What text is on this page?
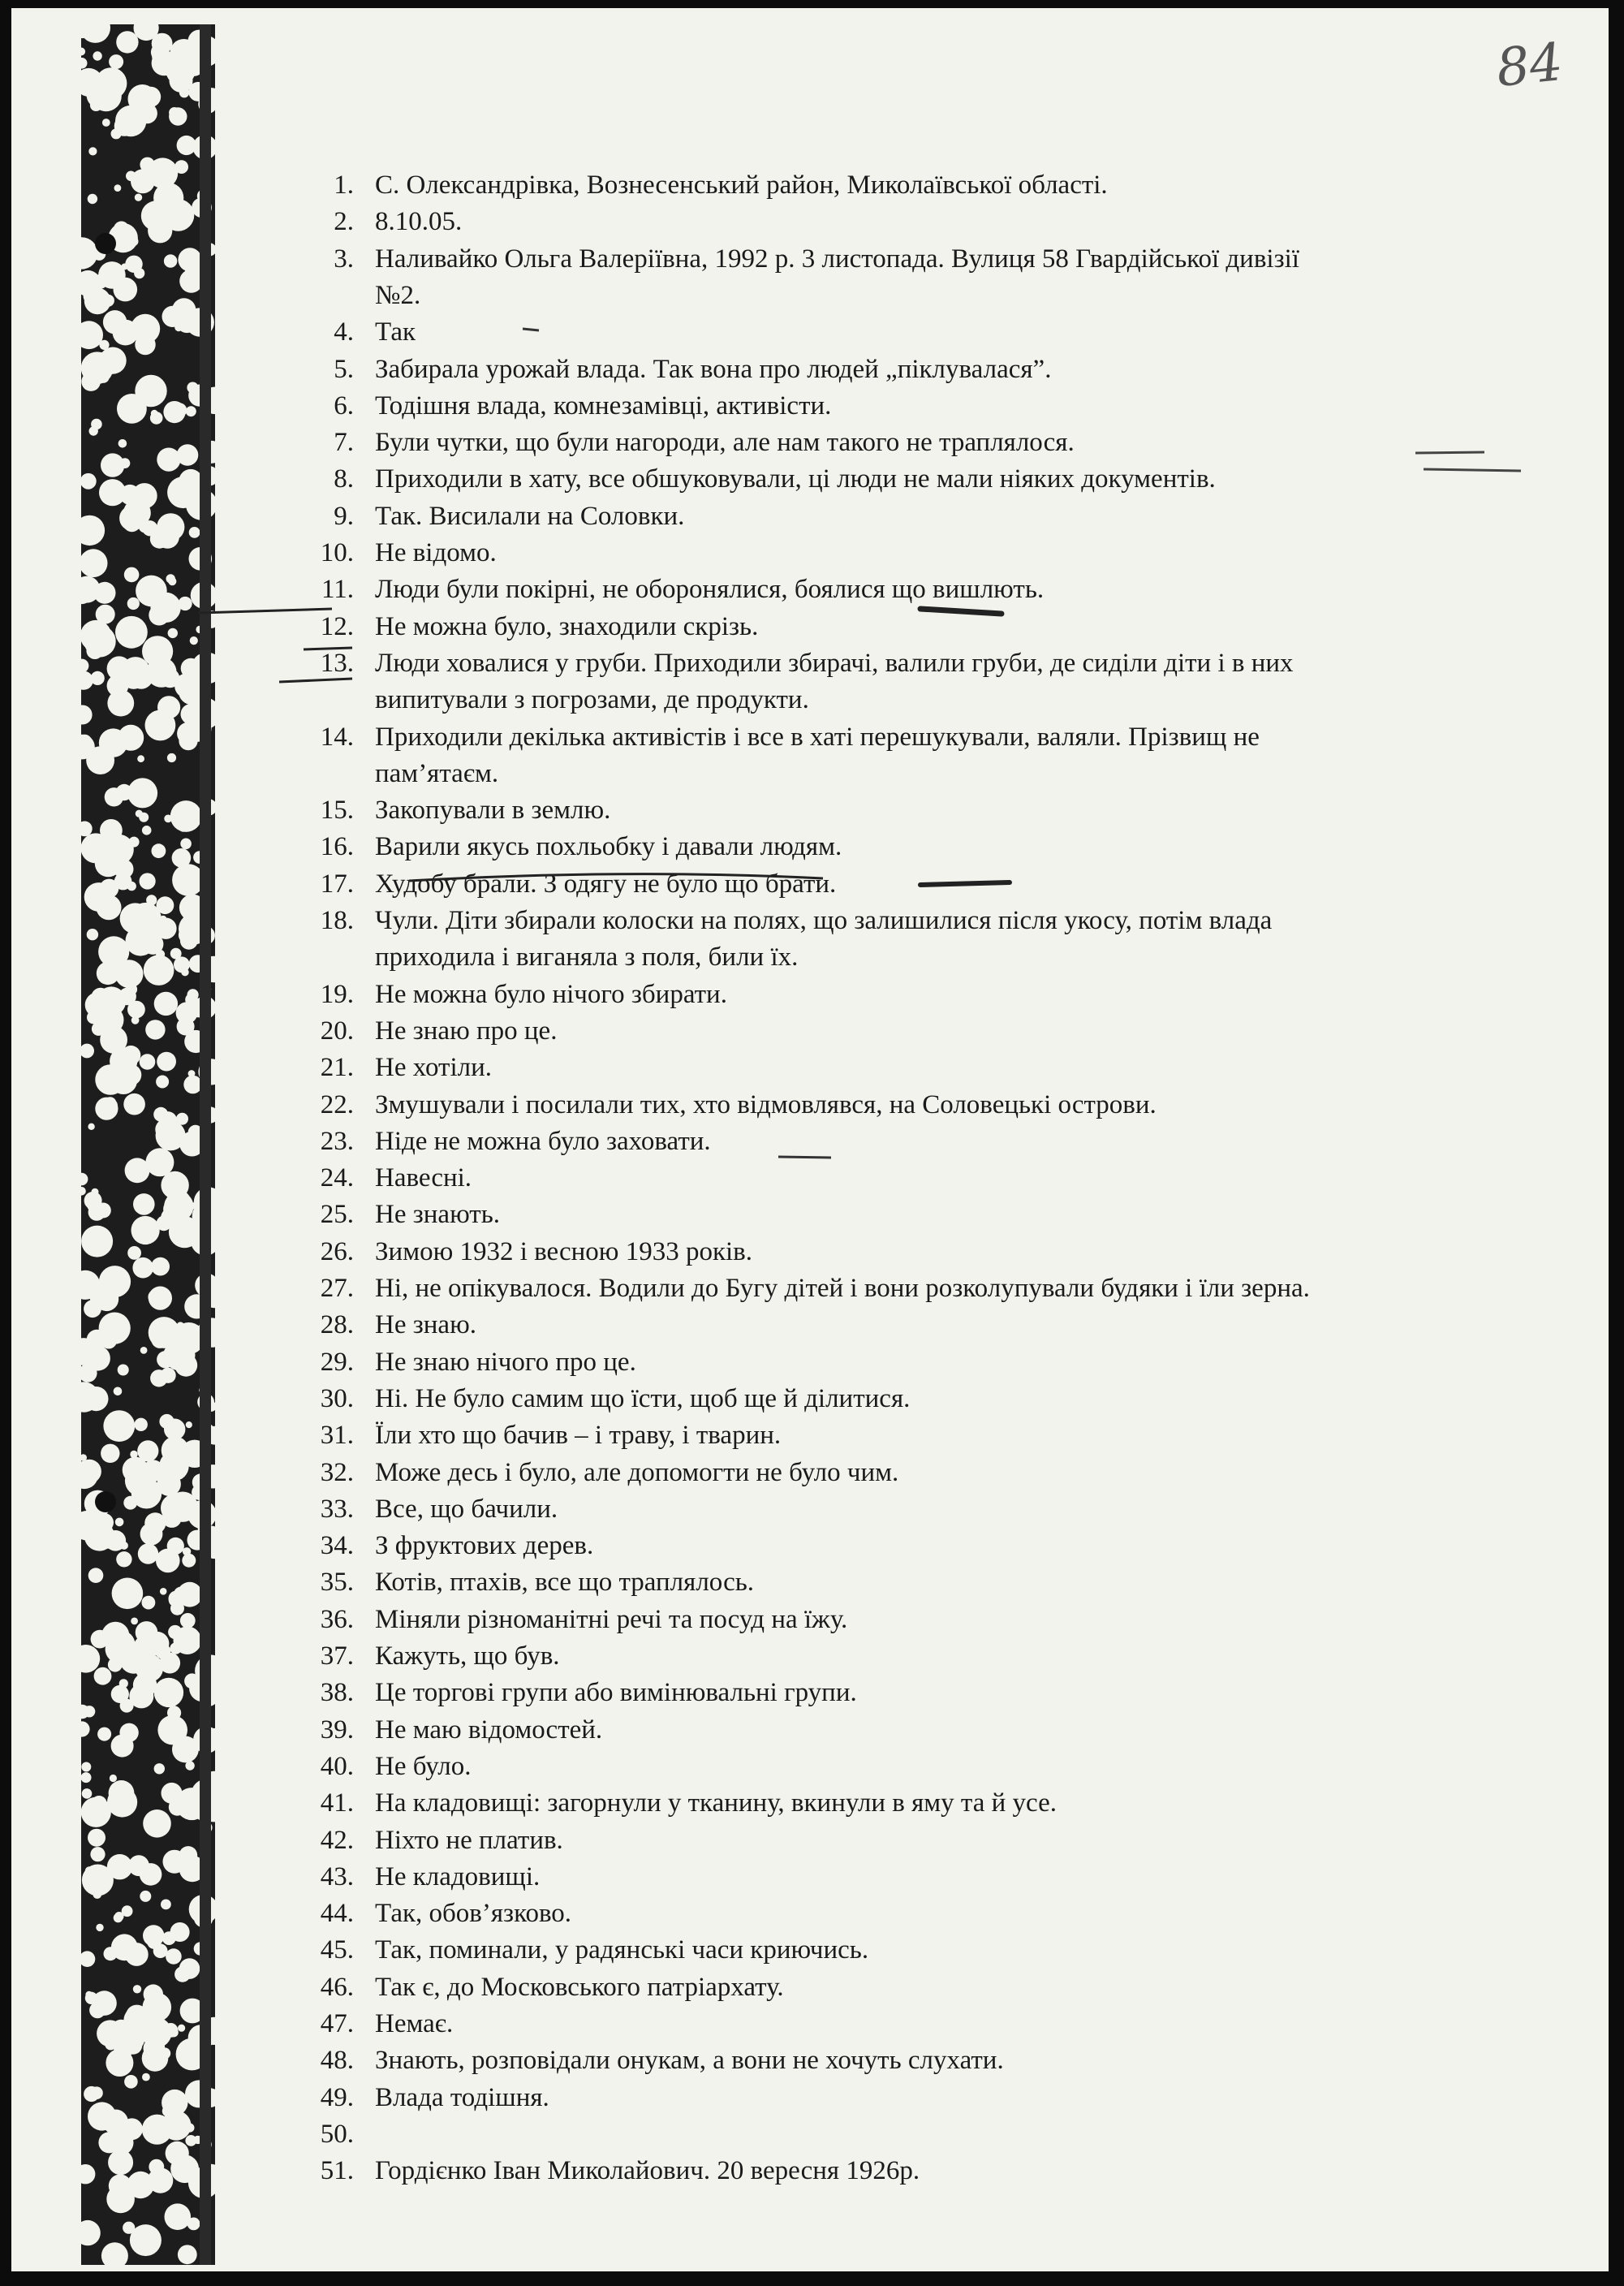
84
1. С. Олександрівка, Вознесенський район, Миколаївської області.
2. 8.10.05.
3. Наливайко Ольга Валеріївна, 1992 р. 3 листопада. Вулиця 58 Гвардійської дивізії
№2.
4. Так
5. Забирала урожай влада. Так вона про людей „піклувалася”.
6. Тодішня влада, комнезамівці, активісти.
7. Були чутки, що були нагороди, але нам такого не траплялося.
8. Приходили в хату, все обшуковували, ці люди не мали ніяких документів.
9. Так. Висилали на Соловки.
10. Не відомо.
11. Люди були покірні, не оборонялися, боялися що вишлють.
12. Не можна було, знаходили скрізь.
13. Люди ховалися у груби. Приходили збирачі, валили груби, де сиділи діти і в них
випитували з погрозами, де продукти.
14. Приходили декілька активістів і все в хаті перешукували, валяли. Прізвищ не
пам’ятаєм.
15. Закопували в землю.
16. Варили якусь похльобку і давали людям.
17. Худобу брали. З одягу не було що брати.
18. Чули. Діти збирали колоски на полях, що залишилися після укосу, потім влада
приходила і виганяла з поля, били їх.
19. Не можна було нічого збирати.
20. Не знаю про це.
21. Не хотіли.
22. Змушували і посилали тих, хто відмовлявся, на Соловецькі острови.
23. Ніде не можна було заховати.
24. Навесні.
25. Не знають.
26. Зимою 1932 і весною 1933 років.
27. Ні, не опікувалося. Водили до Бугу дітей і вони розколупували будяки і їли зерна.
28. Не знаю.
29. Не знаю нічого про це.
30. Ні. Не було самим що їсти, щоб ще й ділитися.
31. Їли хто що бачив – і траву, і тварин.
32. Може десь і було, але допомогти не було чим.
33. Все, що бачили.
34. З фруктових дерев.
35. Котів, птахів, все що траплялось.
36. Міняли різноманітні речі та посуд на їжу.
37. Кажуть, що був.
38. Це торгові групи або вимінювальні групи.
39. Не маю відомостей.
40. Не було.
41. На кладовищі: загорнули у тканину, вкинули в яму та й усе.
42. Ніхто не платив.
43. Не кладовищі.
44. Так, обов’язково.
45. Так, поминали, у радянські часи криючись.
46. Так є, до Московського патріархату.
47. Немає.
48. Знають, розповідали онукам, а вони не хочуть слухати.
49. Влада тодішня.
50.
51. Гордієнко Іван Миколайович. 20 вересня 1926р.
